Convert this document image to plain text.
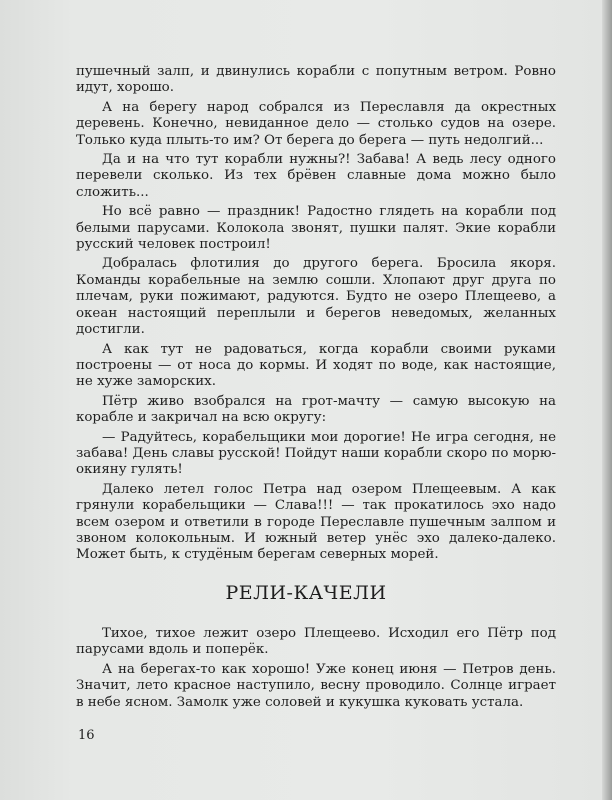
пушечный залп, и двинулись корабли с попутным ветром. Ровно идут, хорошо.

А на берегу народ собрался из Переславля да окрестных деревень. Конечно, невиданное дело — столько судов на озере. Только куда плыть-то им? От берега до берега — путь недолгий...

Да и на что тут корабли нужны?! Забава! А ведь лесу одного перевели сколько. Из тех брёвен славные дома можно было сложить...

Но всё равно — праздник! Радостно глядеть на корабли под белыми парусами. Колокола звонят, пушки палят. Экие корабли русский человек построил!

Добралась флотилия до другого берега. Бросила якоря. Команды корабельные на землю сошли. Хлопают друг друга по плечам, руки пожимают, радуются. Будто не озеро Плещеево, а океан настоящий переплыли и берегов неведомых, желанных достигли.

А как тут не радоваться, когда корабли своими руками построены — от носа до кормы. И ходят по воде, как настоящие, не хуже заморских.

Пётр живо взобрался на грот-мачту — самую высокую на корабле и закричал на всю округу:

— Радуйтесь, корабельщики мои дорогие! Не игра сегодня, не забава! День славы русской! Пойдут наши корабли скоро по морю-окияну гулять!

Далеко летел голос Петра над озером Плещеевым. А как грянули корабельщики — Слава!!! — так прокатилось эхо надо всем озером и ответили в городе Переславле пушечным залпом и звоном колокольным. И южный ветер унёс эхо далеко-далеко. Может быть, к студёным берегам северных морей.

РЕЛИ-КАЧЕЛИ

Тихое, тихое лежит озеро Плещеево. Исходил его Пётр под парусами вдоль и поперёк.

А на берегах-то как хорошо! Уже конец июня — Петров день. Значит, лето красное наступило, весну проводило. Солнце играет в небе ясном. Замолк уже соловей и кукушка куковать устала.

16
